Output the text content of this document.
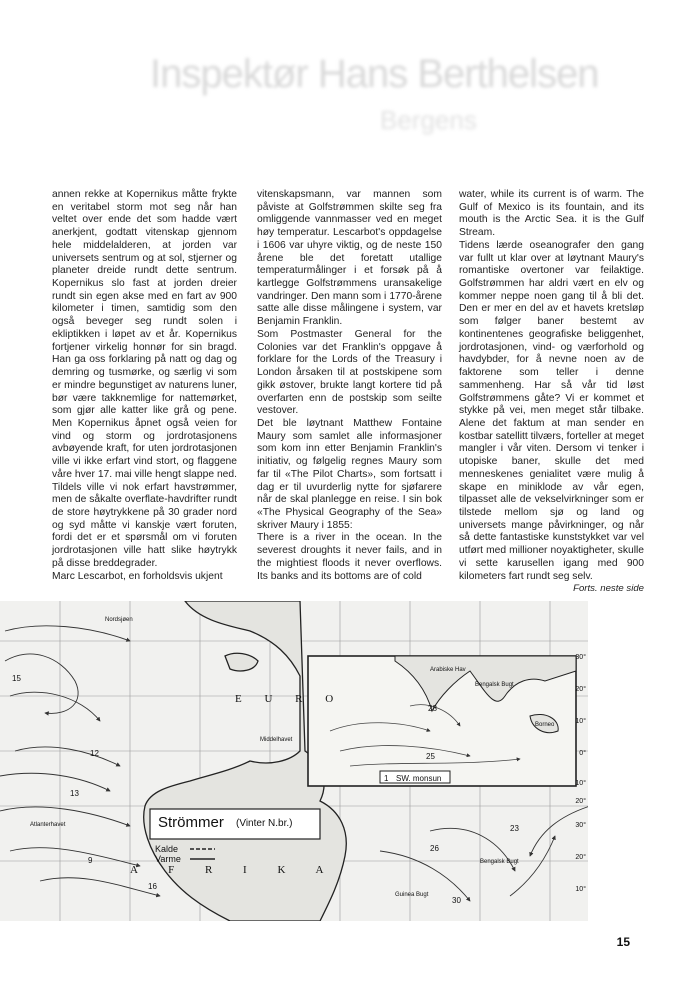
Inspektør Hans Berthelsen
Bergens

annen rekke at Kopernikus måtte frykte en veritabel storm mot seg når han veltet over ende det som hadde vært anerkjent, godtatt vitenskap gjennom hele middelalderen, at jorden var universets sentrum og at sol, stjerner og planeter dreide rundt dette sentrum. Kopernikus slo fast at jorden dreier rundt sin egen akse med en fart av 900 kilometer i timen, samtidig som den også beveger seg rundt solen i ekliptikken i løpet av et år. Kopernikus fortjener virkelig honnør for sin bragd. Han ga oss forklaring på natt og dag og demring og tusmørke, og særlig vi som er mindre begunstiget av naturens luner, bør være takknemlige for nattemørket, som gjør alle katter like grå og pene. Men Kopernikus åpnet også veien for vind og storm og jordrotasjonens avbøyende kraft, for uten jordrotasjonen ville vi ikke erfart vind stort, og flaggene våre hver 17. mai ville hengt slappe ned. Tildels ville vi nok erfart havstrømmer, men de såkalte overflate-havdrifter rundt de store høytrykkene på 30 grader nord og syd måtte vi kanskje vært foruten, fordi det er et spørsmål om vi foruten jordrotasjonen ville hatt slike høytrykk på disse breddegrader.

Marc Lescarbot, en forholdsvis ukjent

vitenskapsmann, var mannen som påviste at Golfstrømmen skilte seg fra omliggende vannmasser ved en meget høy temperatur. Lescarbot's oppdagelse i 1606 var uhyre viktig, og de neste 150 årene ble det foretatt utallige temperaturmålinger i et forsøk på å kartlegge Golfstrømmens uransakelige vandringer. Den mann som i 1770-årene satte alle disse målingene i system, var Benjamin Franklin.

Som Postmaster General for the Colonies var det Franklin's oppgave å forklare for the Lords of the Treasury i London årsaken til at postskipene som gikk østover, brukte langt kortere tid på overfarten enn de postskip som seilte vestover.

Det ble løytnant Matthew Fontaine Maury som samlet alle informasjoner som kom inn etter Benjamin Franklin's initiativ, og følgelig regnes Maury som far til «The Pilot Charts», som fortsatt i dag er til uvurderlig nytte for sjøfarere når de skal planlegge en reise. I sin bok «The Physical Geography of the Sea» skriver Maury i 1855:

There is a river in the ocean. In the severest droughts it never fails, and in the mightiest floods it never overflows. Its banks and its bottoms are of cold

water, while its current is of warm. The Gulf of Mexico is its fountain, and its mouth is the Arctic Sea. it is the Gulf Stream.

Tidens lærde oseanografer den gang var fullt ut klar over at løytnant Maury's romantiske overtoner var feilaktige. Golfstrømmen har aldri vært en elv og kommer neppe noen gang til å bli det. Den er mer en del av et havets kretsløp som følger baner bestemt av kontinentenes geografiske beliggenhet, jordrotasjonen, vind- og værforhold og havdybder, for å nevne noen av de faktorene som teller i denne sammenheng. Har så vår tid løst Golfstrømmens gåte? Vi er kommet et stykke på vei, men meget står tilbake. Alene det faktum at man sender en kostbar satellitt tilværs, forteller at meget mangler i vår viten. Dersom vi tenker i utopiske baner, skulle det med menneskenes genialitet være mulig å skape en miniklode av vår egen, tilpasset alle de vekselvirkninger som er tilstede mellom sjø og land og universets mange påvirkninger, og når så dette fantastiske kunststykket var vel utført med millioner noyaktigheter, skulle vi sette karusellen igang med 900 kilometers fart rundt seg selv.

Forts. neste side

Strömmer (Vinter N.br.)
Kalde
Varme
E U R O
A F R I K A
SW. monsun
1
Arabiske Hav
Bengalsk Bugt
Borneo
Nordsjøen
Atlanterhavet
Middelhavet
Guinea Bugt
Bengalsk Bugt
15
12
13
9
16
25
28
23
26
30
30°
20°
10°
0°
10°
20°
30°
20°
10°
15
